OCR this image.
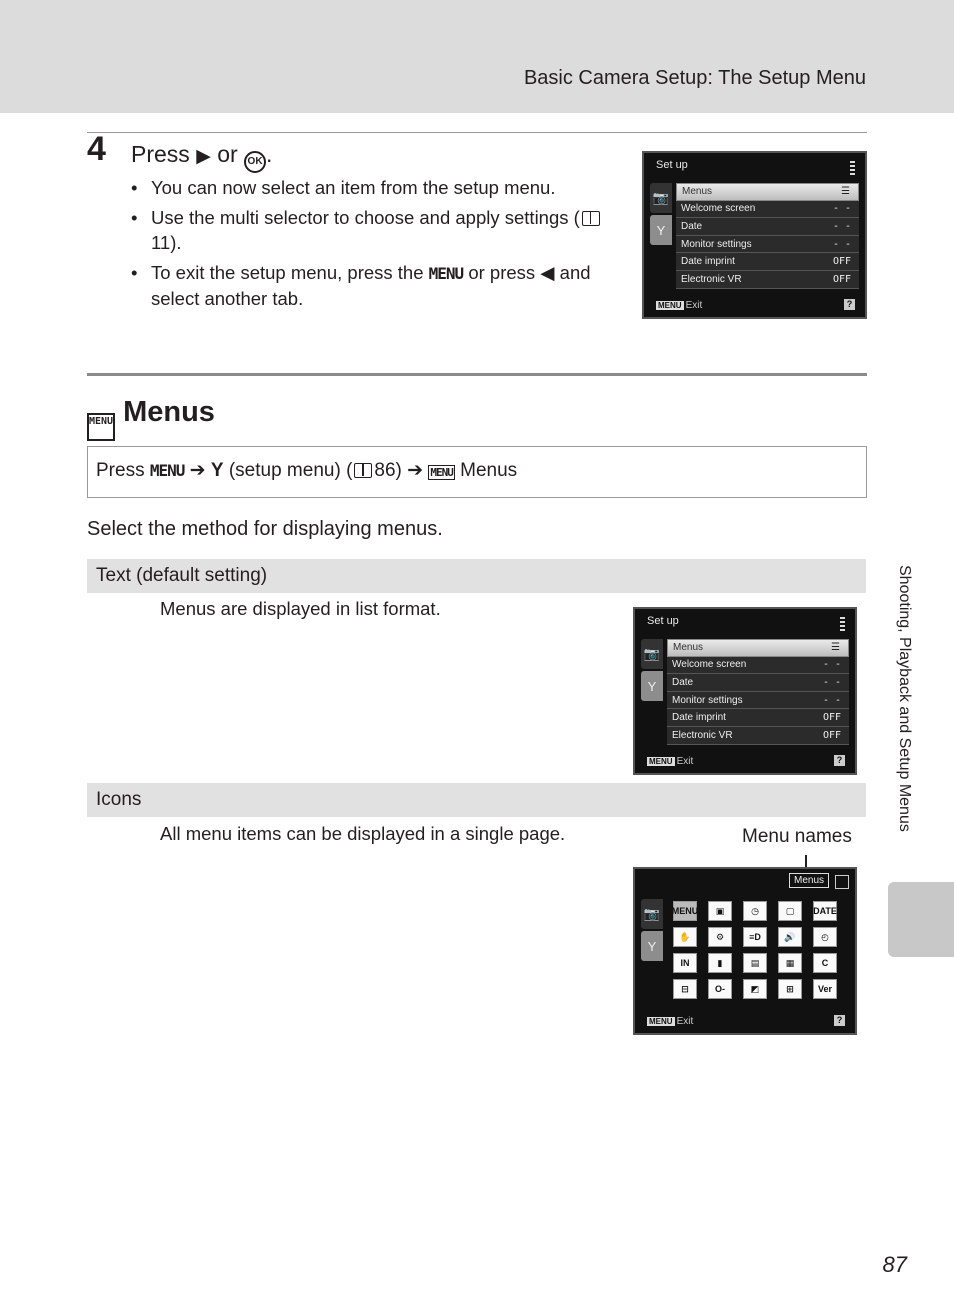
Basic Camera Setup: The Setup Menu
4 Press ▶ or OK .
• You can now select an item from the setup menu.
• Use the multi selector to choose and apply settings (11).
• To exit the setup menu, press the MENU or press ◀ and select another tab.
Set up
📷
Y
Menus	☰
Welcome screen	- -
Date	- -
Monitor settings	- -
Date imprint	OFF
Electronic VR	OFF
MENU Exit	?
MENU Menus
Press MENU ➔ Y (setup menu) ( 86) ➔ MENU Menus
Select the method for displaying menus.
Text (default setting)
Menus are displayed in list format.
Set up
📷
Y
Menus	☰
Welcome screen	- -
Date	- -
Monitor settings	- -
Date imprint	OFF
Electronic VR	OFF
MENU Exit	?
Icons
All menu items can be displayed in a single page.	Menu names
Menus
📷
Y
MENU	▣	◷	▢	DATE
✋	⚙	≡D	🔊	◴
IN	▮	▤	▦	C
⊟	O-	◩	⊞	Ver
MENU Exit	?
Shooting, Playback and Setup Menus
87
